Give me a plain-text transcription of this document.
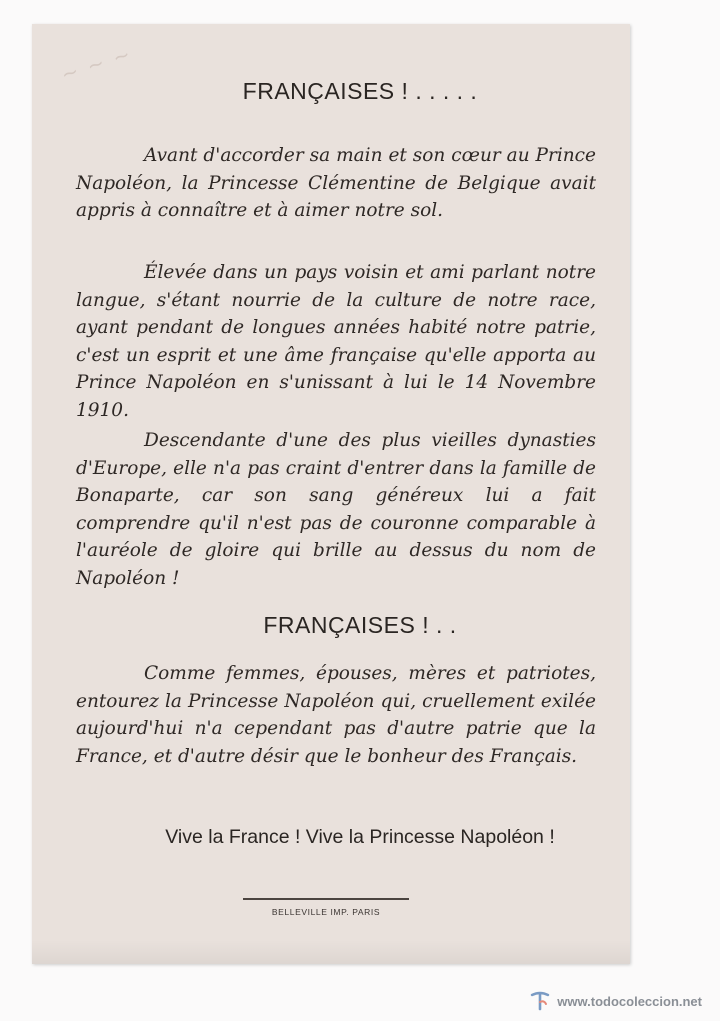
~ ~ ~
FRANÇAISES ! . . . . .

Avant d'accorder sa main et son cœur au Prince Napoléon, la Princesse Clémentine de Belgique avait appris à connaître et à aimer notre sol.

Élevée dans un pays voisin et ami parlant notre langue, s'étant nourrie de la culture de notre race, ayant pendant de longues années habité notre patrie, c'est un esprit et une âme française qu'elle apporta au Prince Napoléon en s'unissant à lui le 14 Novembre 1910.

Descendante d'une des plus vieilles dynasties d'Europe, elle n'a pas craint d'entrer dans la famille de Bonaparte, car son sang généreux lui a fait comprendre qu'il n'est pas de couronne comparable à l'auréole de gloire qui brille au dessus du nom de Napoléon !

FRANÇAISES ! . .

Comme femmes, épouses, mères et patriotes, entourez la Princesse Napoléon qui, cruellement exilée aujourd'hui n'a cependant pas d'autre patrie que la France, et d'autre désir que le bonheur des Français.

Vive la France ! Vive la Princesse Napoléon !
BELLEVILLE IMP. PARIS
www.todocoleccion.net
